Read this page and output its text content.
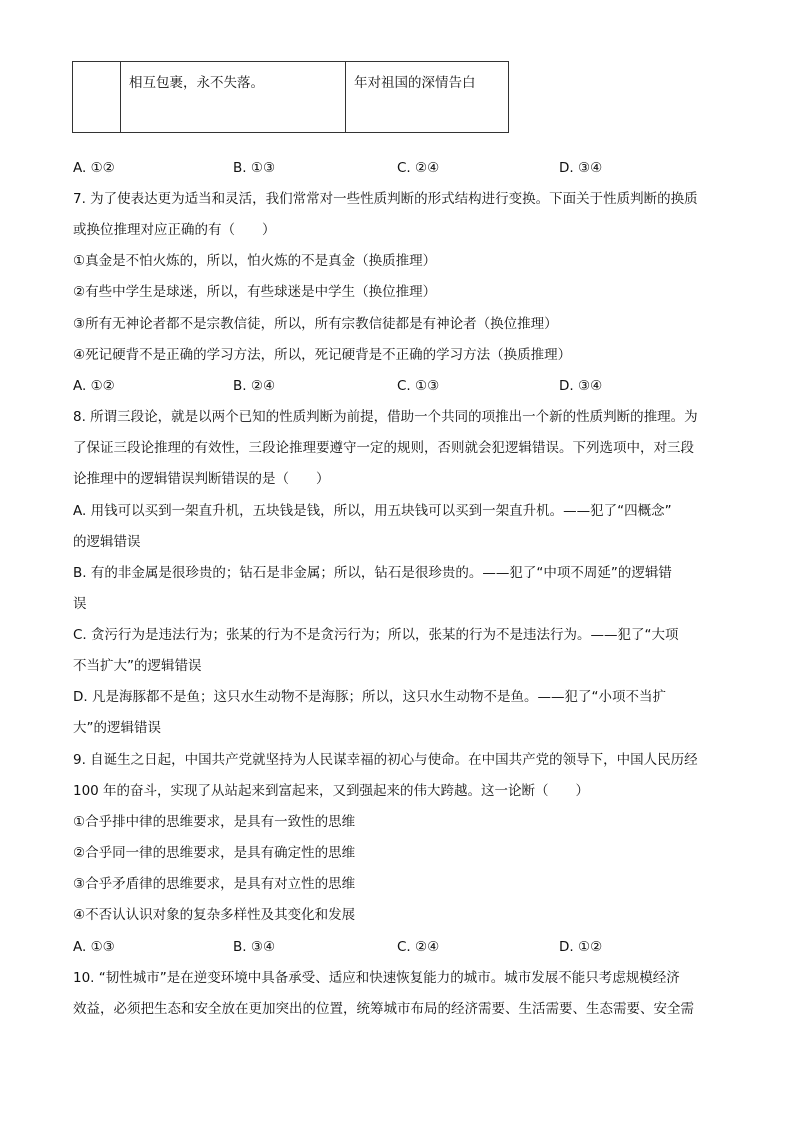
	相互包裹，永不失落。	年对祖国的深情告白
A. ①②	B. ①③	C. ②④	D. ③④
7. 为了使表达更为适当和灵活，我们常常对一些性质判断的形式结构进行变换。下面关于性质判断的换质
或换位推理对应正确的有（　　）
①真金是不怕火炼的，所以，怕火炼的不是真金（换质推理）
②有些中学生是球迷，所以，有些球迷是中学生（换位推理）
③所有无神论者都不是宗教信徒，所以，所有宗教信徒都是有神论者（换位推理）
④死记硬背不是正确的学习方法，所以，死记硬背是不正确的学习方法（换质推理）
A. ①②	B. ②④	C. ①③	D. ③④
8. 所谓三段论，就是以两个已知的性质判断为前提，借助一个共同的项推出一个新的性质判断的推理。为
了保证三段论推理的有效性，三段论推理要遵守一定的规则，否则就会犯逻辑错误。下列选项中，对三段
论推理中的逻辑错误判断错误的是（　　）
A. 用钱可以买到一架直升机，五块钱是钱，所以，用五块钱可以买到一架直升机。——犯了“四概念”
的逻辑错误
B. 有的非金属是很珍贵的；钻石是非金属；所以，钻石是很珍贵的。——犯了“中项不周延”的逻辑错
误
C. 贪污行为是违法行为；张某的行为不是贪污行为；所以，张某的行为不是违法行为。——犯了“大项
不当扩大”的逻辑错误
D. 凡是海豚都不是鱼；这只水生动物不是海豚；所以，这只水生动物不是鱼。——犯了“小项不当扩
大”的逻辑错误
9. 自诞生之日起，中国共产党就坚持为人民谋幸福的初心与使命。在中国共产党的领导下，中国人民历经
100 年的奋斗，实现了从站起来到富起来，又到强起来的伟大跨越。这一论断（　　）
①合乎排中律的思维要求，是具有一致性的思维
②合乎同一律的思维要求，是具有确定性的思维
③合乎矛盾律的思维要求，是具有对立性的思维
④不否认认识对象的复杂多样性及其变化和发展
A. ①③	B. ③④	C. ②④	D. ①②
10. “韧性城市”是在逆变环境中具备承受、适应和快速恢复能力的城市。城市发展不能只考虑规模经济
效益，必须把生态和安全放在更加突出的位置，统筹城市布局的经济需要、生活需要、生态需要、安全需
